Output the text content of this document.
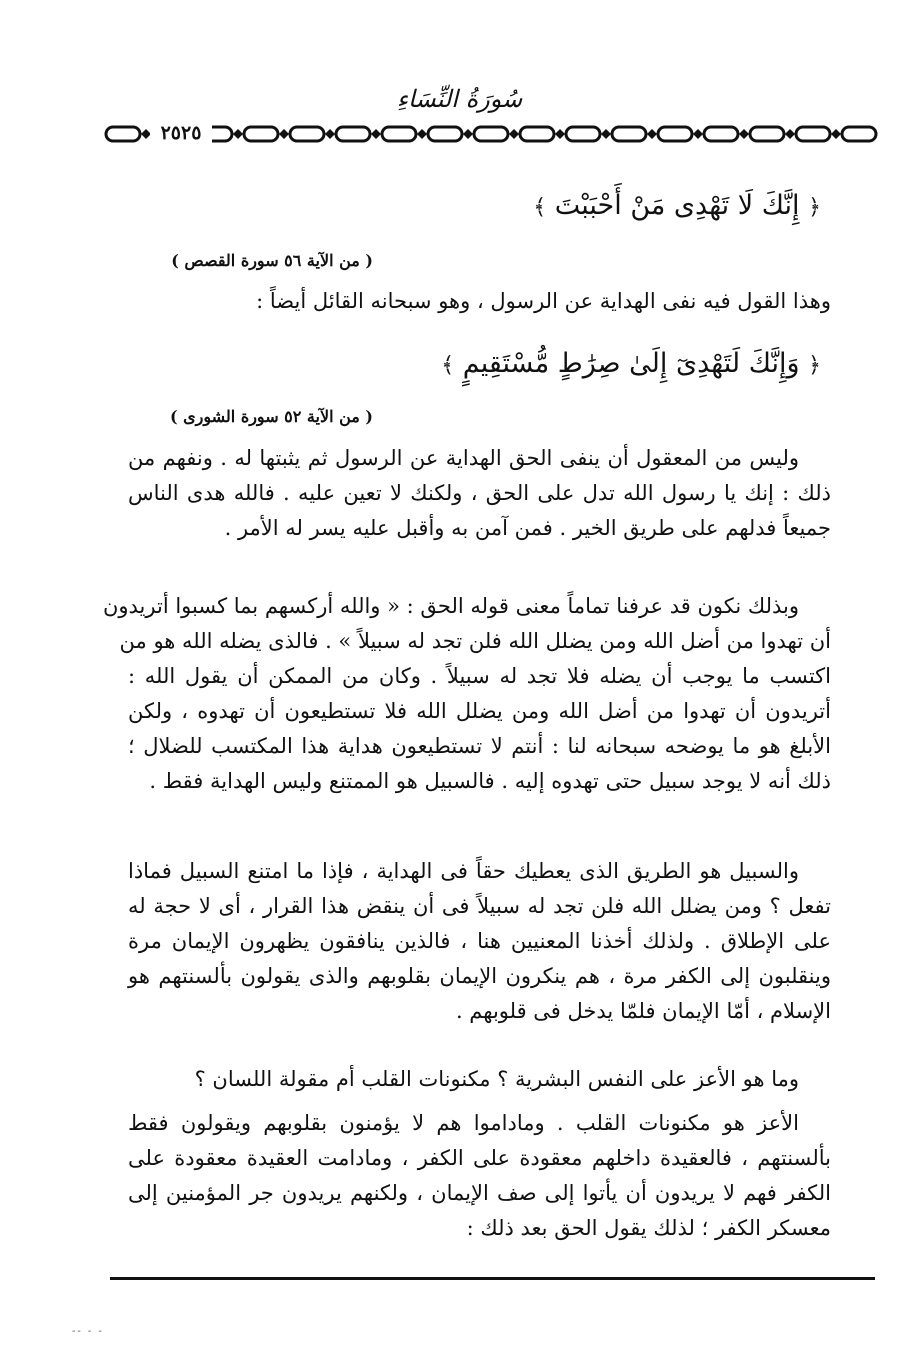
سُورَةُ النِّسَاءِ
٢٥٢٥
﴿ إِنَّكَ لَا تَهْدِى مَنْ أَحْبَبْتَ ﴾
( من الآية ٥٦ سورة القصص )
وهذا القول فيه نفى الهداية عن الرسول ، وهو سبحانه القائل أيضاً :
﴿ وَإِنَّكَ لَتَهْدِىٓ إِلَىٰ صِرَٰطٍ مُّسْتَقِيمٍ ﴾
( من الآية ٥٢ سورة الشورى )
وليس من المعقول أن ينفى الحق الهداية عن الرسول ثم يثبتها له . ونفهم من
ذلك : إنك يا رسول الله تدل على الحق ، ولكنك لا تعين عليه . فالله هدى الناس
جميعاً فدلهم على طريق الخير . فمن آمن به وأقبل عليه يسر له الأمر .
وبذلك نكون قد عرفنا تماماً معنى قوله الحق : « والله أركسهم بما كسبوا أتريدون
أن تهدوا من أضل الله ومن يضلل الله فلن تجد له سبيلاً » . فالذى يضله الله هو من
اكتسب ما يوجب أن يضله فلا تجد له سبيلاً . وكان من الممكن أن يقول الله :
أتريدون أن تهدوا من أضل الله ومن يضلل الله فلا تستطيعون أن تهدوه ، ولكن
الأبلغ هو ما يوضحه سبحانه لنا : أنتم لا تستطيعون هداية هذا المكتسب للضلال ؛
ذلك أنه لا يوجد سبيل حتى تهدوه إليه . فالسبيل هو الممتنع وليس الهداية فقط .
والسبيل هو الطريق الذى يعطيك حقاً فى الهداية ، فإذا ما امتنع السبيل فماذا
تفعل ؟ ومن يضلل الله فلن تجد له سبيلاً فى أن ينقض هذا القرار ، أى لا حجة له
على الإطلاق . ولذلك أخذنا المعنيين هنا ، فالذين ينافقون يظهرون الإيمان مرة
وينقلبون إلى الكفر مرة ، هم ينكرون الإيمان بقلوبهم والذى يقولون بألسنتهم هو
الإسلام ، أمّا الإيمان فلمّا يدخل فى قلوبهم .
وما هو الأعز على النفس البشرية ؟ مكنونات القلب أم مقولة اللسان ؟
الأعز هو مكنونات القلب . وماداموا هم لا يؤمنون بقلوبهم ويقولون فقط
بألسنتهم ، فالعقيدة داخلهم معقودة على الكفر ، ومادامت العقيدة معقودة على
الكفر فهم لا يريدون أن يأتوا إلى صف الإيمان ، ولكنهم يريدون جر المؤمنين إلى
معسكر الكفر ؛ لذلك يقول الحق بعد ذلك :
-- - -
